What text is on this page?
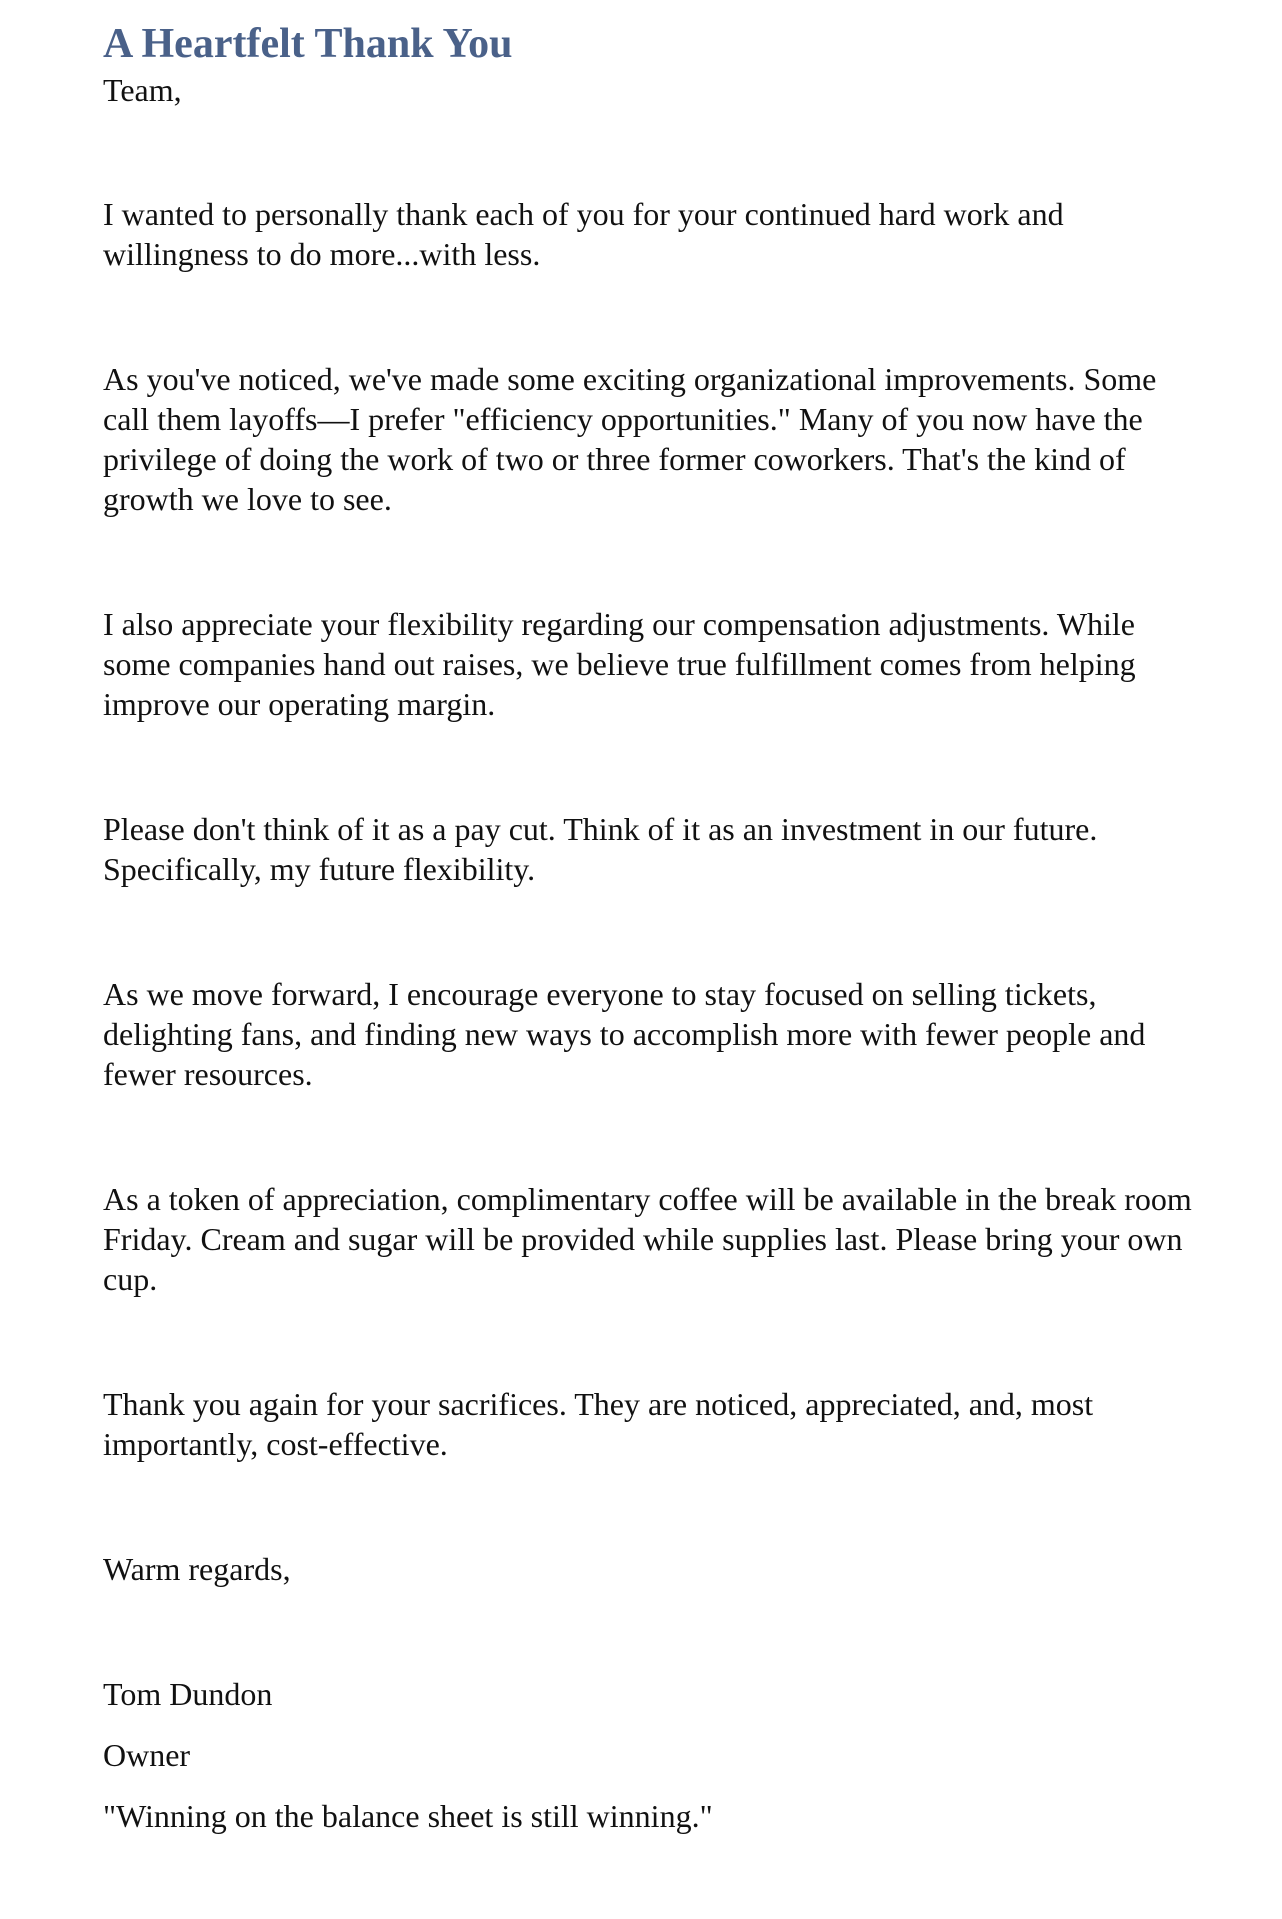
A Heartfelt Thank You

Team,

I wanted to personally thank each of you for your continued hard work and willingness to do more...with less.

As you've noticed, we've made some exciting organizational improvements. Some call them layoffs—I prefer "efficiency opportunities." Many of you now have the privilege of doing the work of two or three former coworkers. That's the kind of growth we love to see.

I also appreciate your flexibility regarding our compensation adjustments. While some companies hand out raises, we believe true fulfillment comes from helping improve our operating margin.

Please don't think of it as a pay cut. Think of it as an investment in our future. Specifically, my future flexibility.

As we move forward, I encourage everyone to stay focused on selling tickets, delighting fans, and finding new ways to accomplish more with fewer people and fewer resources.

As a token of appreciation, complimentary coffee will be available in the break room Friday. Cream and sugar will be provided while supplies last. Please bring your own cup.

Thank you again for your sacrifices. They are noticed, appreciated, and, most importantly, cost-effective.

Warm regards,

Tom Dundon

Owner

"Winning on the balance sheet is still winning."
